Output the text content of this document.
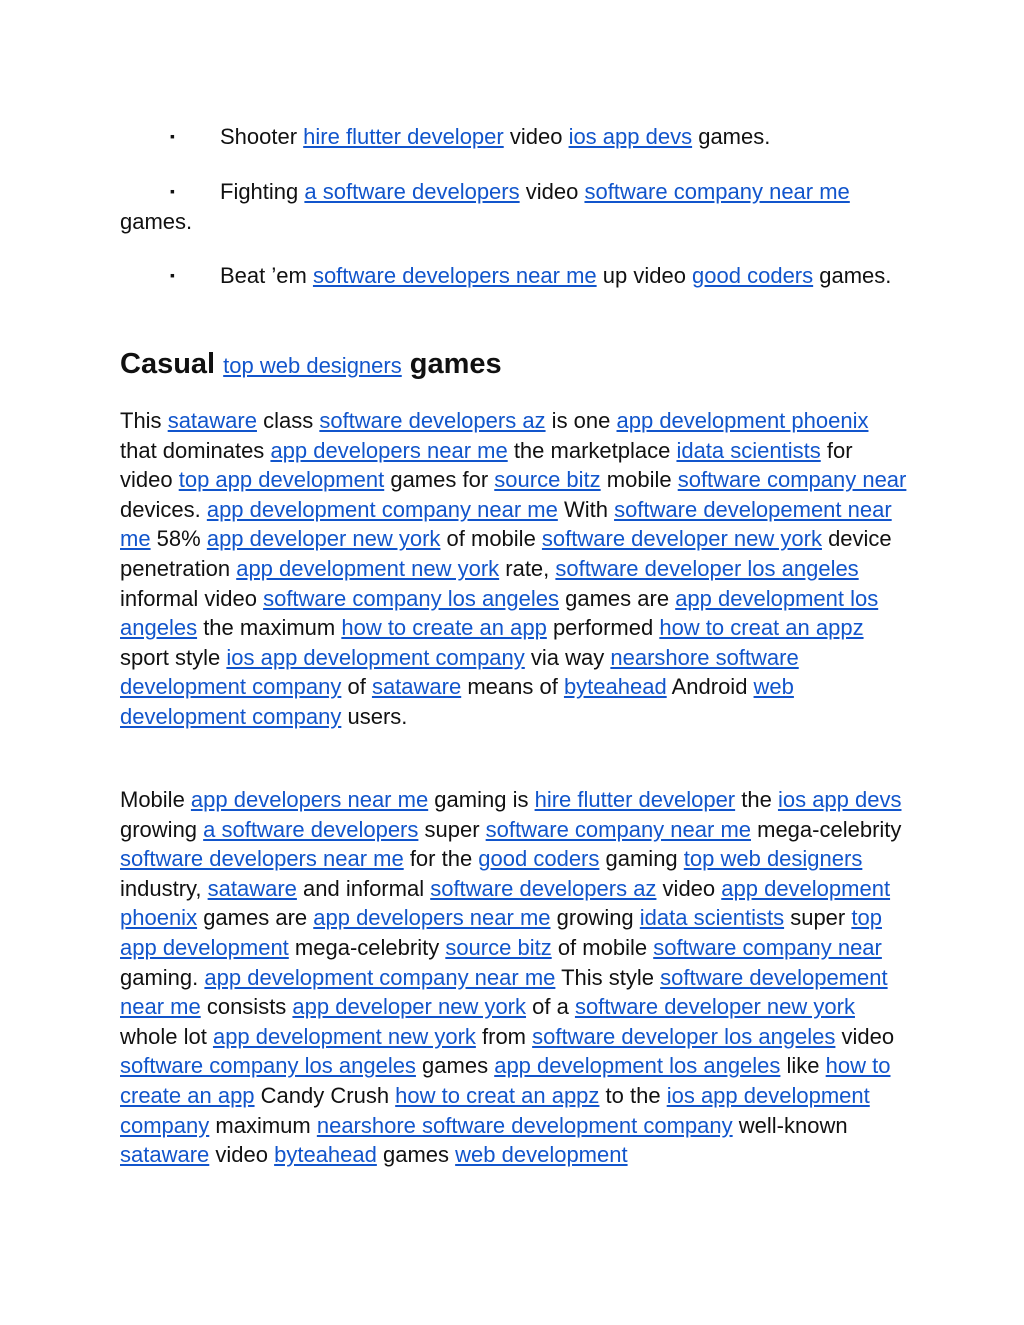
▪ Shooter hire flutter developer video ios app devs games.
▪	Fighting a software developers video software company near me games.
▪	Beat ’em software developers near me up video good coders games.
Casual top web designers games

This sataware class software developers az is one app development phoenix that dominates app developers near me the marketplace idata scientists for video top app development games for source bitz mobile software company near devices. app development company near me With software developement near me 58% app developer new york of mobile software developer new york device penetration app development new york rate, software developer los angeles informal video software company los angeles games are app development los angeles the maximum how to create an app performed how to creat an appz sport style ios app development company via way nearshore software development company of sataware means of byteahead Android web development company users.

Mobile app developers near me gaming is hire flutter developer the ios app devs growing a software developers super software company near me mega-celebrity software developers near me for the good coders gaming top web designers industry, sataware and informal software developers az video app development phoenix games are app developers near me growing idata scientists super top app development mega-celebrity source bitz of mobile software company near gaming. app development company near me This style software developement near me consists app developer new york of a software developer new york whole lot app development new york from software developer los angeles video software company los angeles games app development los angeles like how to create an app Candy Crush how to creat an appz to the ios app development company maximum nearshore software development company well-known sataware video byteahead games web development
